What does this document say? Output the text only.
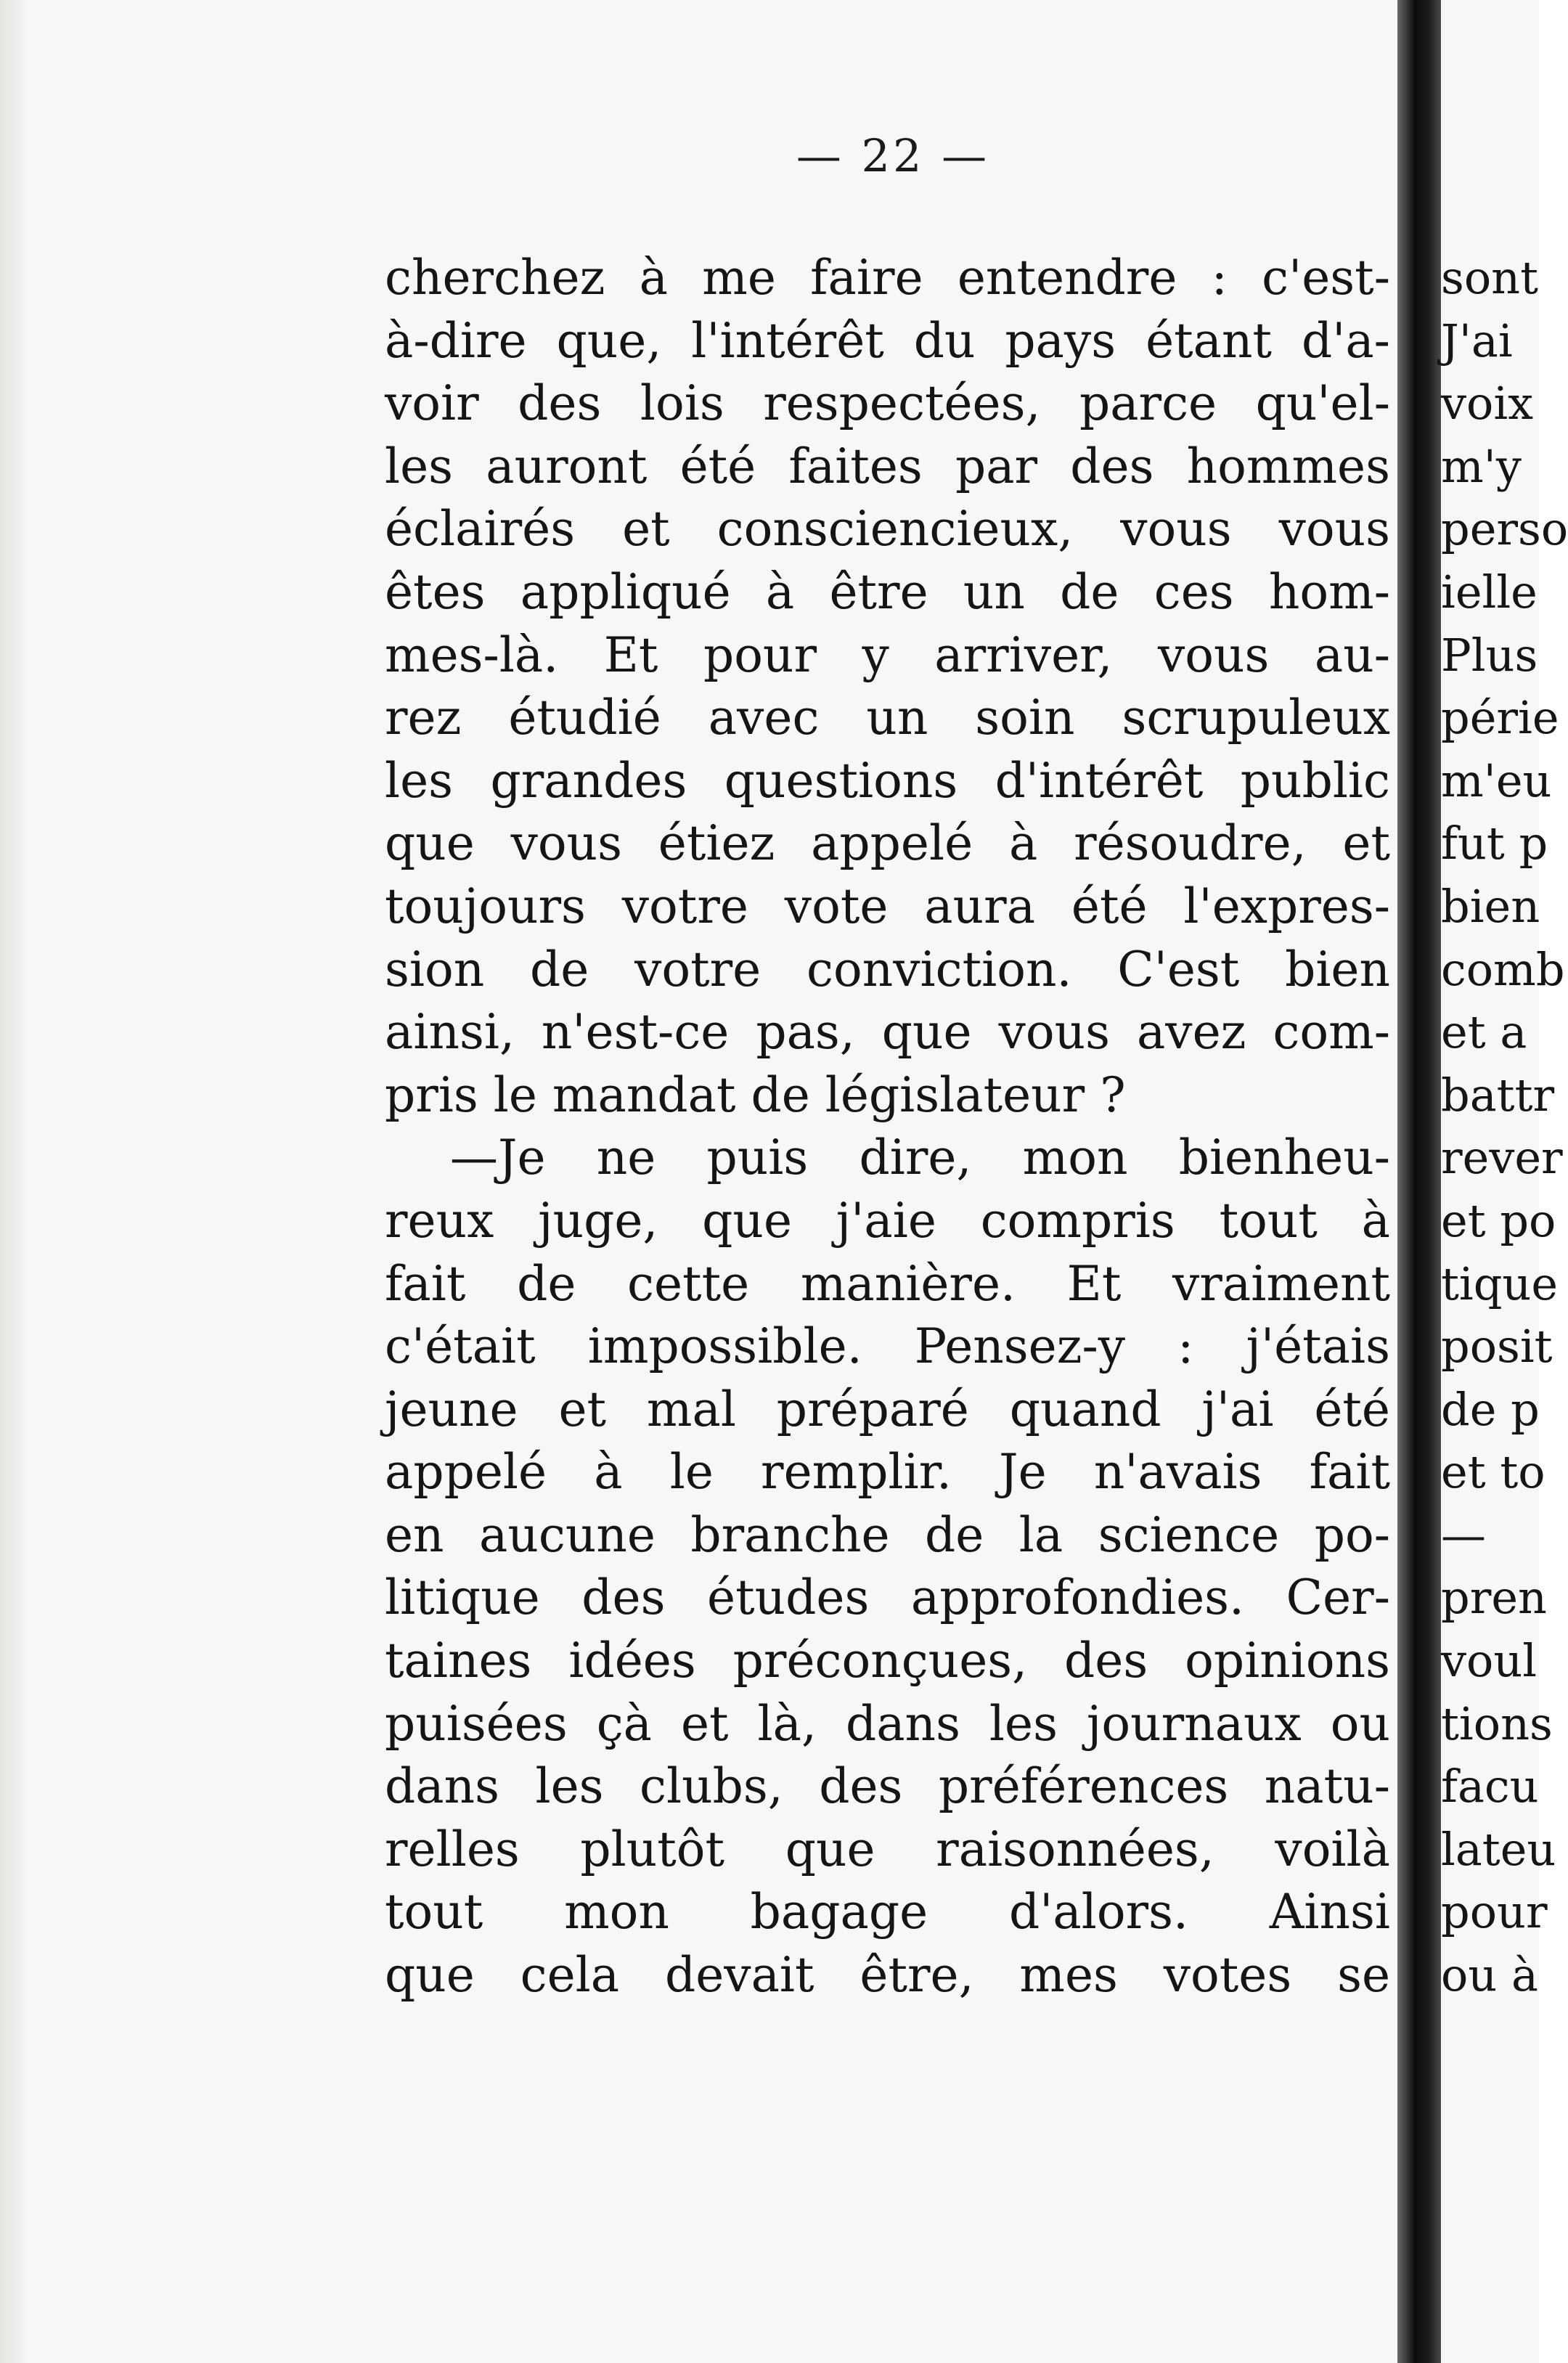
— 22 —
cherchez à me faire entendre : c'est-
à-dire que, l'intérêt du pays étant d'a-
voir des lois respectées, parce qu'el-
les auront été faites par des hommes
éclairés et consciencieux, vous vous
êtes appliqué à être un de ces hom-
mes-là. Et pour y arriver, vous au-
rez étudié avec un soin scrupuleux
les grandes questions d'intérêt public
que vous étiez appelé à résoudre, et
toujours votre vote aura été l'expres-
sion de votre conviction. C'est bien
ainsi, n'est-ce pas, que vous avez com-
pris le mandat de législateur ?
—Je ne puis dire, mon bienheu-
reux juge, que j'aie compris tout à
fait de cette manière. Et vraiment
c'était impossible. Pensez-y : j'étais
jeune et mal préparé quand j'ai été
appelé à le remplir. Je n'avais fait
en aucune branche de la science po-
litique des études approfondies. Cer-
taines idées préconçues, des opinions
puisées çà et là, dans les journaux ou
dans les clubs, des préférences natu-
relles plutôt que raisonnées, voilà
tout mon bagage d'alors. Ainsi
que cela devait être, mes votes se
sont
J'ai
voix
m'y
perso
ielle
Plus
périe
m'eu
fut p
bien
comb
et a
battr
rever
et po
tique
posit
de p
et to
—
pren
voul
tions
facu
lateu
pour
ou à
